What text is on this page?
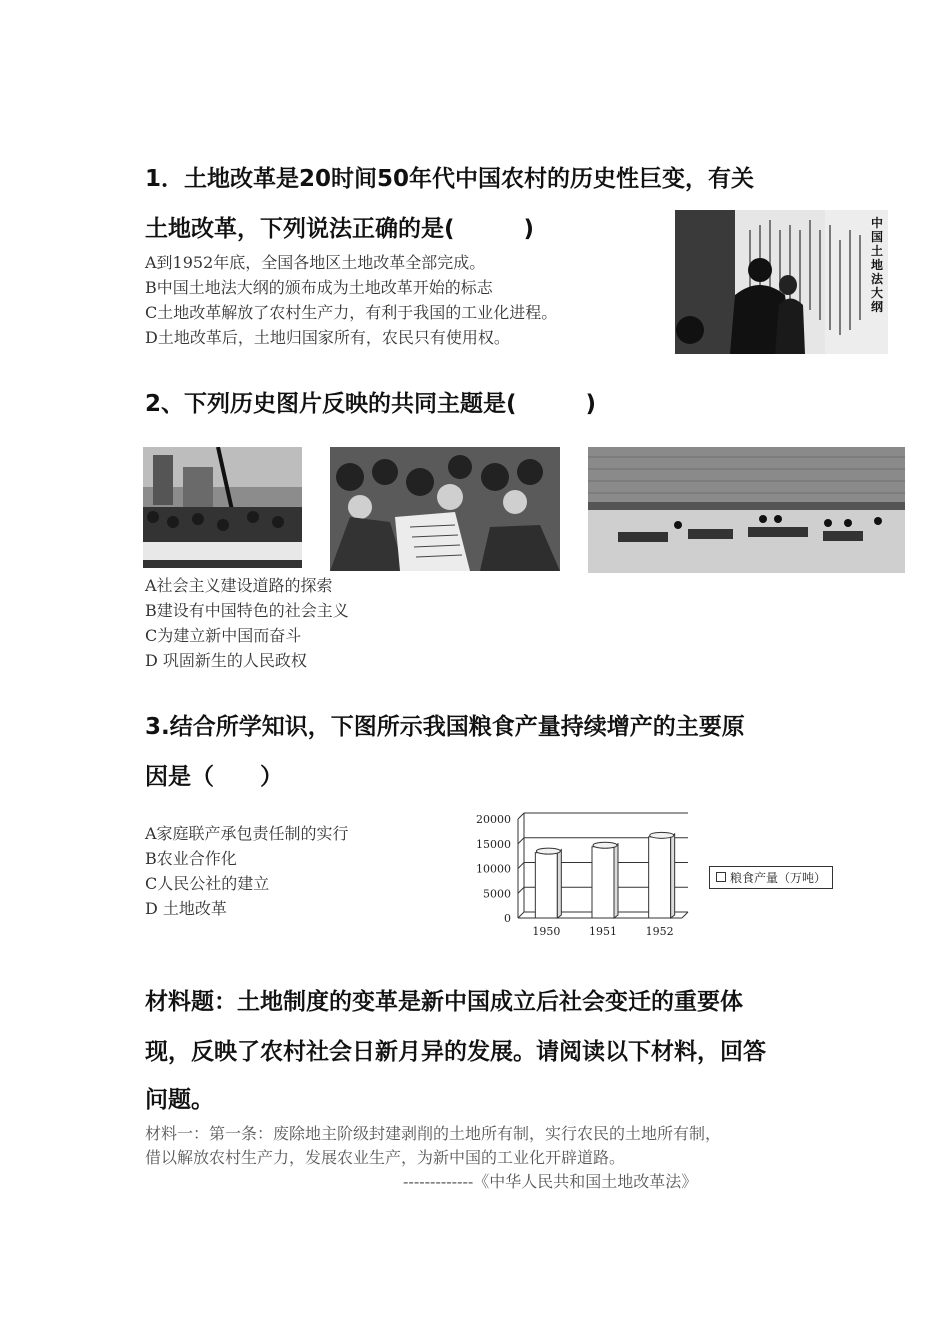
1．土地改革是20时间50年代中国农村的历史性巨变，有关
土地改革，下列说法正确的是(　　　)
A到1952年底，全国各地区土地改革全部完成。
B中国土地法大纲的颁布成为土地改革开始的标志
C土地改革解放了农村生产力，有利于我国的工业化进程。
D土地改革后，土地归国家所有，农民只有使用权。
中国土地法大纲
2、下列历史图片反映的共同主题是(　　　)
A社会主义建设道路的探索
B建设有中国特色的社会主义
C为建立新中国而奋斗
D 巩固新生的人民政权
3.结合所学知识，下图所示我国粮食产量持续增产的主要原
因是（　　）
A家庭联产承包责任制的实行
B农业合作化
C人民公社的建立
D 土地改革
0
5000
10000
15000
20000
1950	1951	1952
粮食产量（万吨）
材料题：土地制度的变革是新中国成立后社会变迁的重要体
现，反映了农村社会日新月异的发展。请阅读以下材料，回答
问题。
材料一：第一条：废除地主阶级封建剥削的土地所有制，实行农民的土地所有制，
借以解放农村生产力，发展农业生产，为新中国的工业化开辟道路。
-------------《中华人民共和国土地改革法》
